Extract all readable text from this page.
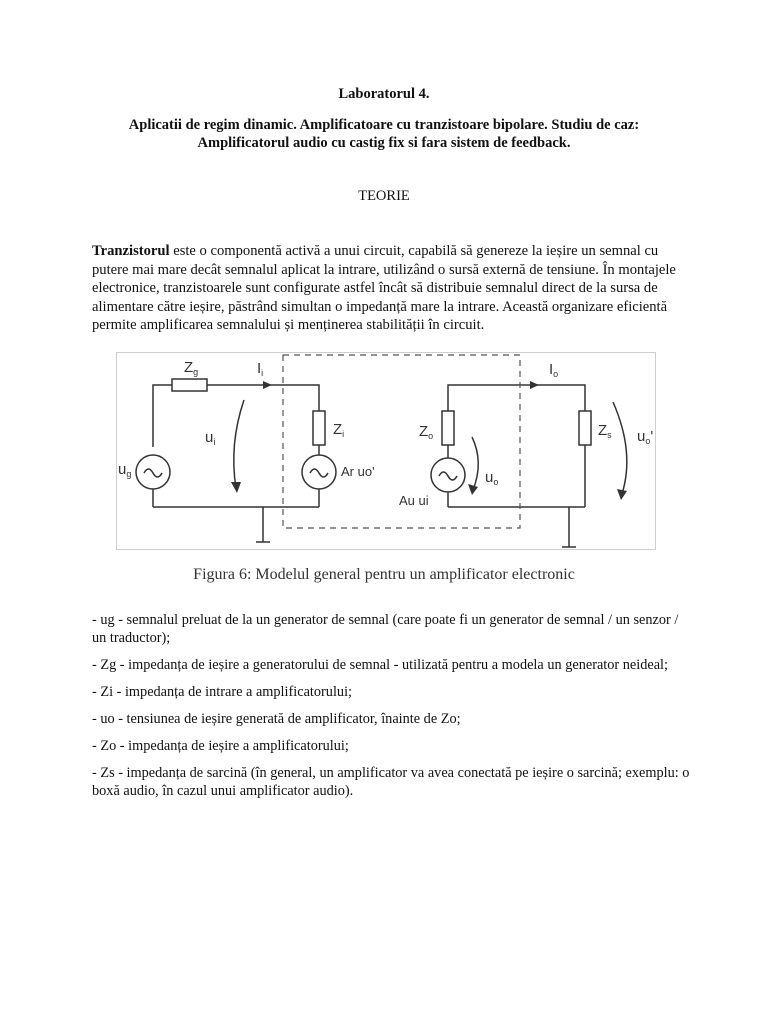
Laboratorul 4.
Aplicatii de regim dinamic. Amplificatoare cu tranzistoare bipolare. Studiu de caz:
Amplificatorul audio cu castig fix si fara sistem de feedback.
TEORIE

Tranzistorul este o componentă activă a unui circuit, capabilă să genereze la ieșire un semnal cu putere mai mare decât semnalul aplicat la intrare, utilizând o sursă externă de tensiune. În montajele electronice, tranzistoarele sunt configurate astfel încât să distribuie semnalul direct de la sursa de alimentare către ieșire, păstrând simultan o impedanță mare la intrare. Această organizare eficientă permite amplificarea semnalului și menținerea stabilității în circuit.

$Z_g$	$I_i$
$u_i$
$u_g$
$Z_i$
Ar uo'
$Z_o$
$u_o$
Au ui
$I_o$
$Z_s$ $u_o'$
Figura 6: Modelul general pentru un amplificator electronic

- ug - semnalul preluat de la un generator de semnal (care poate fi un generator de semnal / un senzor / un traductor);

- Zg - impedanța de ieșire a generatorului de semnal - utilizată pentru a modela un generator neideal;

- Zi - impedanța de intrare a amplificatorului;

- uo - tensiunea de ieșire generată de amplificator, înainte de Zo;

- Zo - impedanța de ieșire a amplificatorului;

- Zs - impedanța de sarcină (în general, un amplificator va avea conectată pe ieșire o sarcină; exemplu: o boxă audio, în cazul unui amplificator audio).
